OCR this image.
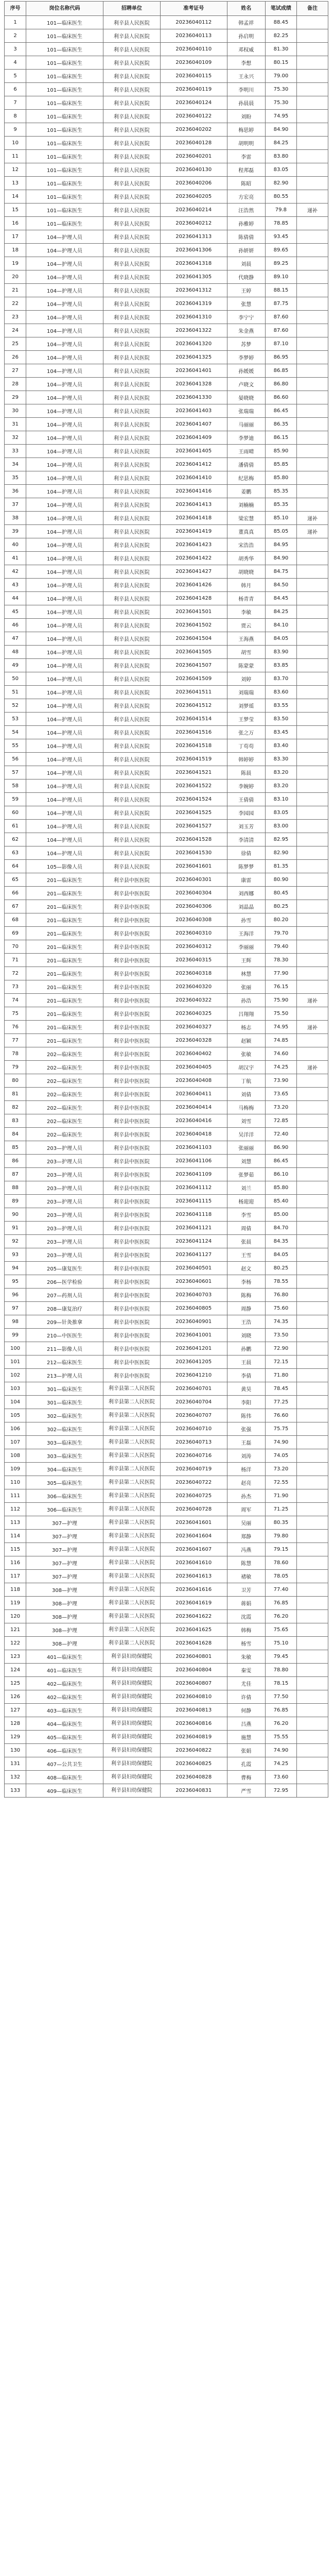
序号	岗位名称代码	招聘单位	准考证号	姓名	笔试成绩	备注
1	101—临床医生	利辛县人民医院	20236040112	韩孟祥	88.45	
2	101—临床医生	利辛县人民医院	20236040113	孙启明	82.25	
3	101—临床医生	利辛县人民医院	20236040110	邓权威	81.30	
4	101—临床医生	利辛县人民医院	20236040109	李想	80.15	
5	101—临床医生	利辛县人民医院	20236040115	王永兴	79.00	
6	101—临床医生	利辛县人民医院	20236040119	李明川	75.30	
7	101—临床医生	利辛县人民医院	20236040124	孙晨晨	75.30	
8	101—临床医生	利辛县人民医院	20236040122	刘盼	74.95	
9	101—临床医生	利辛县人民医院	20236040202	梅思婷	84.90	
10	101—临床医生	利辛县人民医院	20236040128	胡明明	84.25	
11	101—临床医生	利辛县人民医院	20236040201	李雷	83.80	
12	101—临床医生	利辛县人民医院	20236040130	程邦磊	83.05	
13	101—临床医生	利辛县人民医院	20236040206	陈昭	82.90	
14	101—临床医生	利辛县人民医院	20236040205	方宏亮	80.55	
15	101—临床医生	利辛县人民医院	20236040214	汪浩然	79.8	递补
16	101—临床医生	利辛县人民医院	20236040212	孙雅婷	78.85	
17	104—护理人员	利辛县人民医院	20236041313	陈倩倩	93.45	
18	104—护理人员	利辛县人民医院	20236041306	孙妍妍	89.65	
19	104—护理人员	利辛县人民医院	20236041318	刘晨	89.25	
20	104—护理人员	利辛县人民医院	20236041305	代晓静	89.10	
21	104—护理人员	利辛县人民医院	20236041312	王婷	88.15	
22	104—护理人员	利辛县人民医院	20236041319	张慧	87.75	
23	104—护理人员	利辛县人民医院	20236041310	李宁宁	87.60	
24	104—护理人员	利辛县人民医院	20236041322	朱金燕	87.60	
25	104—护理人员	利辛县人民医院	20236041320	苏梦	87.10	
26	104—护理人员	利辛县人民医院	20236041325	李梦婷	86.95	
27	104—护理人员	利辛县人民医院	20236041401	孙媛媛	86.85	
28	104—护理人员	利辛县人民医院	20236041328	卢晓文	86.80	
29	104—护理人员	利辛县人民医院	20236041330	晏晓晓	86.60	
30	104—护理人员	利辛县人民医院	20236041403	张瑞瑞	86.45	
31	104—护理人员	利辛县人民医院	20236041407	马丽丽	86.35	
32	104—护理人员	利辛县人民医院	20236041409	李梦迪	86.15	
33	104—护理人员	利辛县人民医院	20236041405	王雨晴	85.90	
34	104—护理人员	利辛县人民医院	20236041412	潘倩倩	85.85	
35	104—护理人员	利辛县人民医院	20236041410	纪思梅	85.80	
36	104—护理人员	利辛县人民医院	20236041416	姜鹏	85.35	
37	104—护理人员	利辛县人民医院	20236041413	刘楠楠	85.35	
38	104—护理人员	利辛县人民医院	20236041418	梁宏慧	85.10	递补
39	104—护理人员	利辛县人民医院	20236041419	董真真	85.05	递补
40	104—护理人员	利辛县人民医院	20236041423	宋浩浩	84.95	
41	104—护理人员	利辛县人民医院	20236041422	胡秀华	84.90	
42	104—护理人员	利辛县人民医院	20236041427	胡晓晓	84.75	
43	104—护理人员	利辛县人民医院	20236041426	韩月	84.50	
44	104—护理人员	利辛县人民医院	20236041428	杨青青	84.45	
45	104—护理人员	利辛县人民医院	20236041501	李敏	84.25	
46	104—护理人员	利辛县人民医院	20236041502	贾云	84.10	
47	104—护理人员	利辛县人民医院	20236041504	王海燕	84.05	
48	104—护理人员	利辛县人民医院	20236041505	胡雪	83.90	
49	104—护理人员	利辛县人民医院	20236041507	陈蒙蒙	83.85	
50	104—护理人员	利辛县人民医院	20236041509	刘婷	83.70	
51	104—护理人员	利辛县人民医院	20236041511	刘瑞瑞	83.60	
52	104—护理人员	利辛县人民医院	20236041512	刘梦瑶	83.55	
53	104—护理人员	利辛县人民医院	20236041514	王梦莹	83.50	
54	104—护理人员	利辛县人民医院	20236041516	张之万	83.45	
55	104—护理人员	利辛县人民医院	20236041518	丁苟苟	83.40	
56	104—护理人员	利辛县人民医院	20236041519	韩婷婷	83.30	
57	104—护理人员	利辛县人民医院	20236041521	陈晨	83.20	
58	104—护理人员	利辛县人民医院	20236041522	李婉婷	83.20	
59	104—护理人员	利辛县人民医院	20236041524	王倩倩	83.10	
60	104—护理人员	利辛县人民医院	20236041525	李园园	83.05	
61	104—护理人员	利辛县人民医院	20236041527	刘玉芳	83.00	
62	104—护理人员	利辛县人民医院	20236041528	李清清	82.95	
63	104—护理人员	利辛县人民医院	20236041530	徐倩	82.90	
64	105—影像人员	利辛县人民医院	20236041601	陈梦梦	81.35	
65	201—临床医生	利辛县中医医院	20236040301	康雷	80.90	
66	201—临床医生	利辛县中医医院	20236040304	刘西娜	80.45	
67	201—临床医生	利辛县中医医院	20236040306	刘晶晶	80.25	
68	201—临床医生	利辛县中医医院	20236040308	孙雪	80.20	
69	201—临床医生	利辛县中医医院	20236040310	王海洋	79.70	
70	201—临床医生	利辛县中医医院	20236040312	李丽丽	79.40	
71	201—临床医生	利辛县中医医院	20236040315	王辉	78.30	
72	201—临床医生	利辛县中医医院	20236040318	林慧	77.90	
73	201—临床医生	利辛县中医医院	20236040320	张丽	76.15	
74	201—临床医生	利辛县中医医院	20236040322	孙浩	75.90	递补
75	201—临床医生	利辛县中医医院	20236040325	吕翔翔	75.50	
76	201—临床医生	利辛县中医医院	20236040327	杨志	74.95	递补
77	201—临床医生	利辛县中医医院	20236040328	赵颖	74.85	
78	202—临床医生	利辛县中医医院	20236040402	张敏	74.60	
79	202—临床医生	利辛县中医医院	20236040405	胡汉宇	74.25	递补
80	202—临床医生	利辛县中医医院	20236040408	丁航	73.90	
81	202—临床医生	利辛县中医医院	20236040411	刘倩	73.65	
82	202—临床医生	利辛县中医医院	20236040414	马梅梅	73.20	
83	202—临床医生	利辛县中医医院	20236040416	刘雪	72.85	
84	202—临床医生	利辛县中医医院	20236040418	吴洋洋	72.40	
85	203—护理人员	利辛县中医医院	20236041103	张丽丽	86.90	
86	203—护理人员	利辛县中医医院	20236041106	刘慧	86.45	
87	203—护理人员	利辛县中医医院	20236041109	张梦茹	86.10	
88	203—护理人员	利辛县中医医院	20236041112	刘兰	85.80	
89	203—护理人员	利辛县中医医院	20236041115	杨迎迎	85.40	
90	203—护理人员	利辛县中医医院	20236041118	李雪	85.00	
91	203—护理人员	利辛县中医医院	20236041121	周倩	84.70	
92	203—护理人员	利辛县中医医院	20236041124	张晨	84.35	
93	203—护理人员	利辛县中医医院	20236041127	王雪	84.05	
94	205—康复医生	利辛县中医医院	20236040501	赵文	80.25	
95	206—医学检验	利辛县中医医院	20236040601	李杨	78.55	
96	207—药剂人员	利辛县中医医院	20236040703	陈梅	76.80	
97	208—康复治疗	利辛县中医医院	20236040805	周静	75.60	
98	209—针灸推拿	利辛县中医医院	20236040901	王浩	74.35	
99	210—中医医生	利辛县中医医院	20236041001	刘晓	73.50	
100	211—影像人员	利辛县中医医院	20236041201	孙鹏	72.90	
101	212—临床医生	利辛县中医医院	20236041205	王晨	72.15	
102	213—护理人员	利辛县中医医院	20236041210	李倩	71.80	
103	301—临床医生	利辛县第二人民医院	20236040701	黄昊	78.45	
104	301—临床医生	利辛县第二人民医院	20236040704	李阳	77.25	
105	302—临床医生	利辛县第二人民医院	20236040707	陈伟	76.60	
106	302—临床医生	利辛县第二人民医院	20236040710	张强	75.75	
107	303—临床医生	利辛县第二人民医院	20236040713	王磊	74.90	
108	303—临床医生	利辛县第二人民医院	20236040716	刘涛	74.05	
109	304—临床医生	利辛县第二人民医院	20236040719	杨洋	73.20	
110	305—临床医生	利辛县第二人民医院	20236040722	赵亮	72.55	
111	306—临床医生	利辛县第二人民医院	20236040725	孙杰	71.90	
112	306—临床医生	利辛县第二人民医院	20236040728	周军	71.25	
113	307—护理	利辛县第二人民医院	20236041601	吴丽	80.35	
114	307—护理	利辛县第二人民医院	20236041604	郑静	79.80	
115	307—护理	利辛县第二人民医院	20236041607	冯燕	79.15	
116	307—护理	利辛县第二人民医院	20236041610	陈慧	78.60	
117	307—护理	利辛县第二人民医院	20236041613	褚敏	78.05	
118	308—护理	利辛县第二人民医院	20236041616	卫芳	77.40	
119	308—护理	利辛县第二人民医院	20236041619	蒋娟	76.85	
120	308—护理	利辛县第二人民医院	20236041622	沈霞	76.20	
121	308—护理	利辛县第二人民医院	20236041625	韩梅	75.65	
122	308—护理	利辛县第二人民医院	20236041628	杨雪	75.10	
123	401—临床医生	利辛县妇幼保健院	20236040801	朱敏	79.45	
124	401—临床医生	利辛县妇幼保健院	20236040804	秦雯	78.80	
125	402—临床医生	利辛县妇幼保健院	20236040807	尤佳	78.15	
126	402—临床医生	利辛县妇幼保健院	20236040810	许倩	77.50	
127	403—临床医生	利辛县妇幼保健院	20236040813	何静	76.85	
128	404—临床医生	利辛县妇幼保健院	20236040816	吕燕	76.20	
129	405—临床医生	利辛县妇幼保健院	20236040819	施慧	75.55	
130	406—临床医生	利辛县妇幼保健院	20236040822	张娟	74.90	
131	407—公共卫生	利辛县妇幼保健院	20236040825	孔霞	74.25	
132	408—临床医生	利辛县妇幼保健院	20236040828	曹梅	73.60	
133	409—临床医生	利辛县妇幼保健院	20236040831	严雪	72.95	
